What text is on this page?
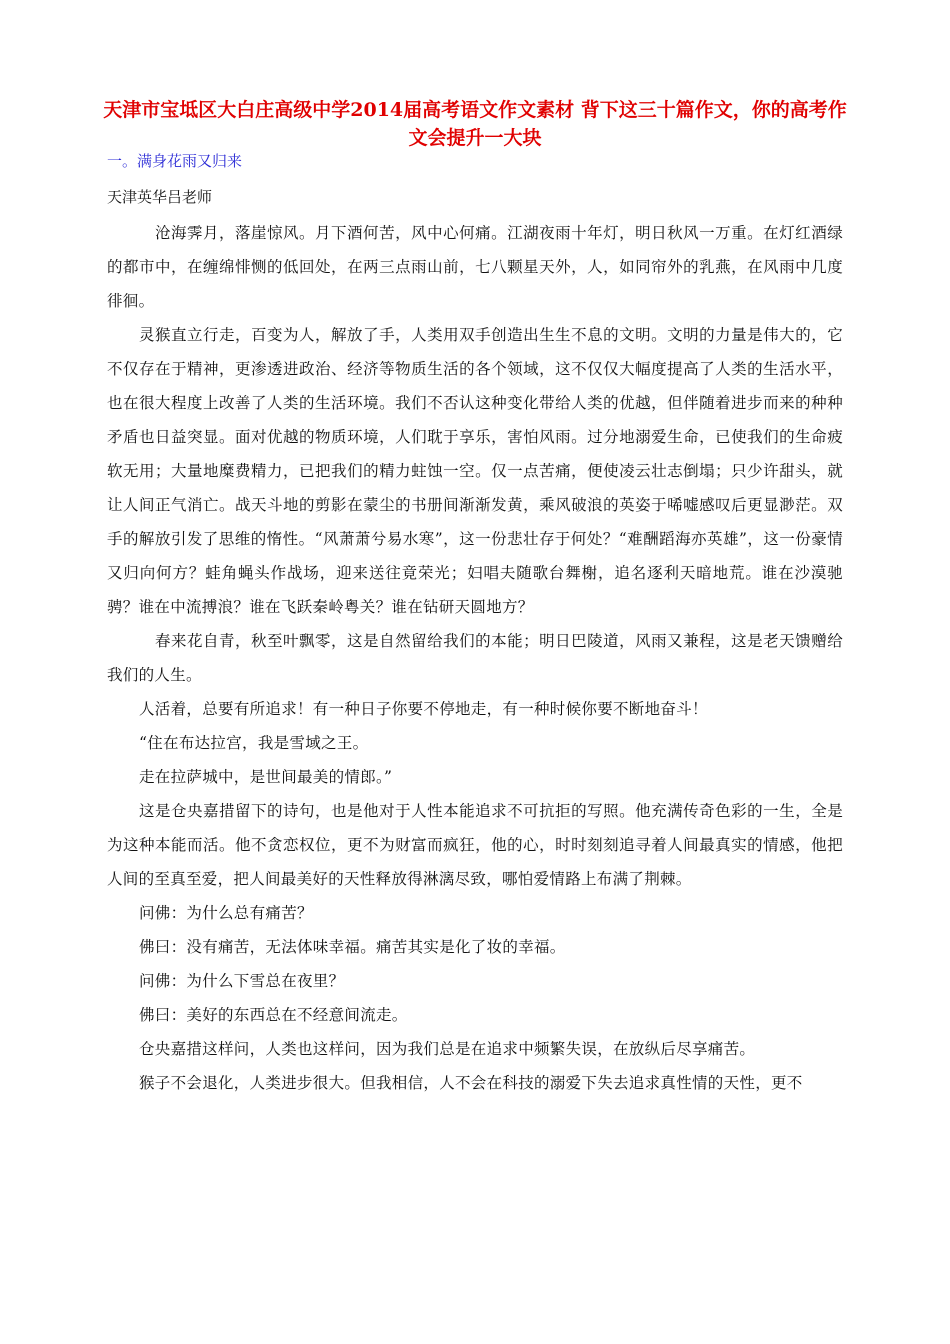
天津市宝坻区大白庄高级中学2014届高考语文作文素材 背下这三十篇作文，你的高考作文会提升一大块
一。满身花雨又归来
天津英华吕老师

沧海霁月，落崖惊风。月下酒何苦，风中心何痛。江湖夜雨十年灯，明日秋风一万重。在灯红酒绿的都市中，在缠绵悱恻的低回处，在两三点雨山前，七八颗星天外，人，如同帘外的乳燕，在风雨中几度徘徊。

灵猴直立行走，百变为人，解放了手，人类用双手创造出生生不息的文明。文明的力量是伟大的，它不仅存在于精神，更渗透进政治、经济等物质生活的各个领域，这不仅仅大幅度提高了人类的生活水平，也在很大程度上改善了人类的生活环境。我们不否认这种变化带给人类的优越，但伴随着进步而来的种种矛盾也日益突显。面对优越的物质环境，人们耽于享乐，害怕风雨。过分地溺爱生命，已使我们的生命疲软无用；大量地糜费精力，已把我们的精力蛀蚀一空。仅一点苦痛，便使凌云壮志倒塌；只少许甜头，就让人间正气消亡。战天斗地的剪影在蒙尘的书册间渐渐发黄，乘风破浪的英姿于唏嘘感叹后更显渺茫。双手的解放引发了思维的惰性。“风萧萧兮易水寒”，这一份悲壮存于何处？“难酬蹈海亦英雄”，这一份豪情又归向何方？蛙角蝇头作战场，迎来送往竟荣光；妇唱夫随歌台舞榭，追名逐利天暗地荒。谁在沙漠驰骋？谁在中流搏浪？谁在飞跃秦岭粤关？谁在钻研天圆地方？

春来花自青，秋至叶飘零，这是自然留给我们的本能；明日巴陵道，风雨又兼程，这是老天馈赠给我们的人生。

人活着，总要有所追求！有一种日子你要不停地走，有一种时候你要不断地奋斗！

“住在布达拉宫，我是雪域之王。

走在拉萨城中，是世间最美的情郎。”

这是仓央嘉措留下的诗句，也是他对于人性本能追求不可抗拒的写照。他充满传奇色彩的一生，全是为这种本能而活。他不贪恋权位，更不为财富而疯狂，他的心，时时刻刻追寻着人间最真实的情感，他把人间的至真至爱，把人间最美好的天性释放得淋漓尽致，哪怕爱情路上布满了荆棘。

问佛：为什么总有痛苦？

佛曰：没有痛苦，无法体味幸福。痛苦其实是化了妆的幸福。

问佛：为什么下雪总在夜里？

佛曰：美好的东西总在不经意间流走。

仓央嘉措这样问，人类也这样问，因为我们总是在追求中频繁失误，在放纵后尽享痛苦。

猴子不会退化，人类进步很大。但我相信，人不会在科技的溺爱下失去追求真性情的天性，更不
